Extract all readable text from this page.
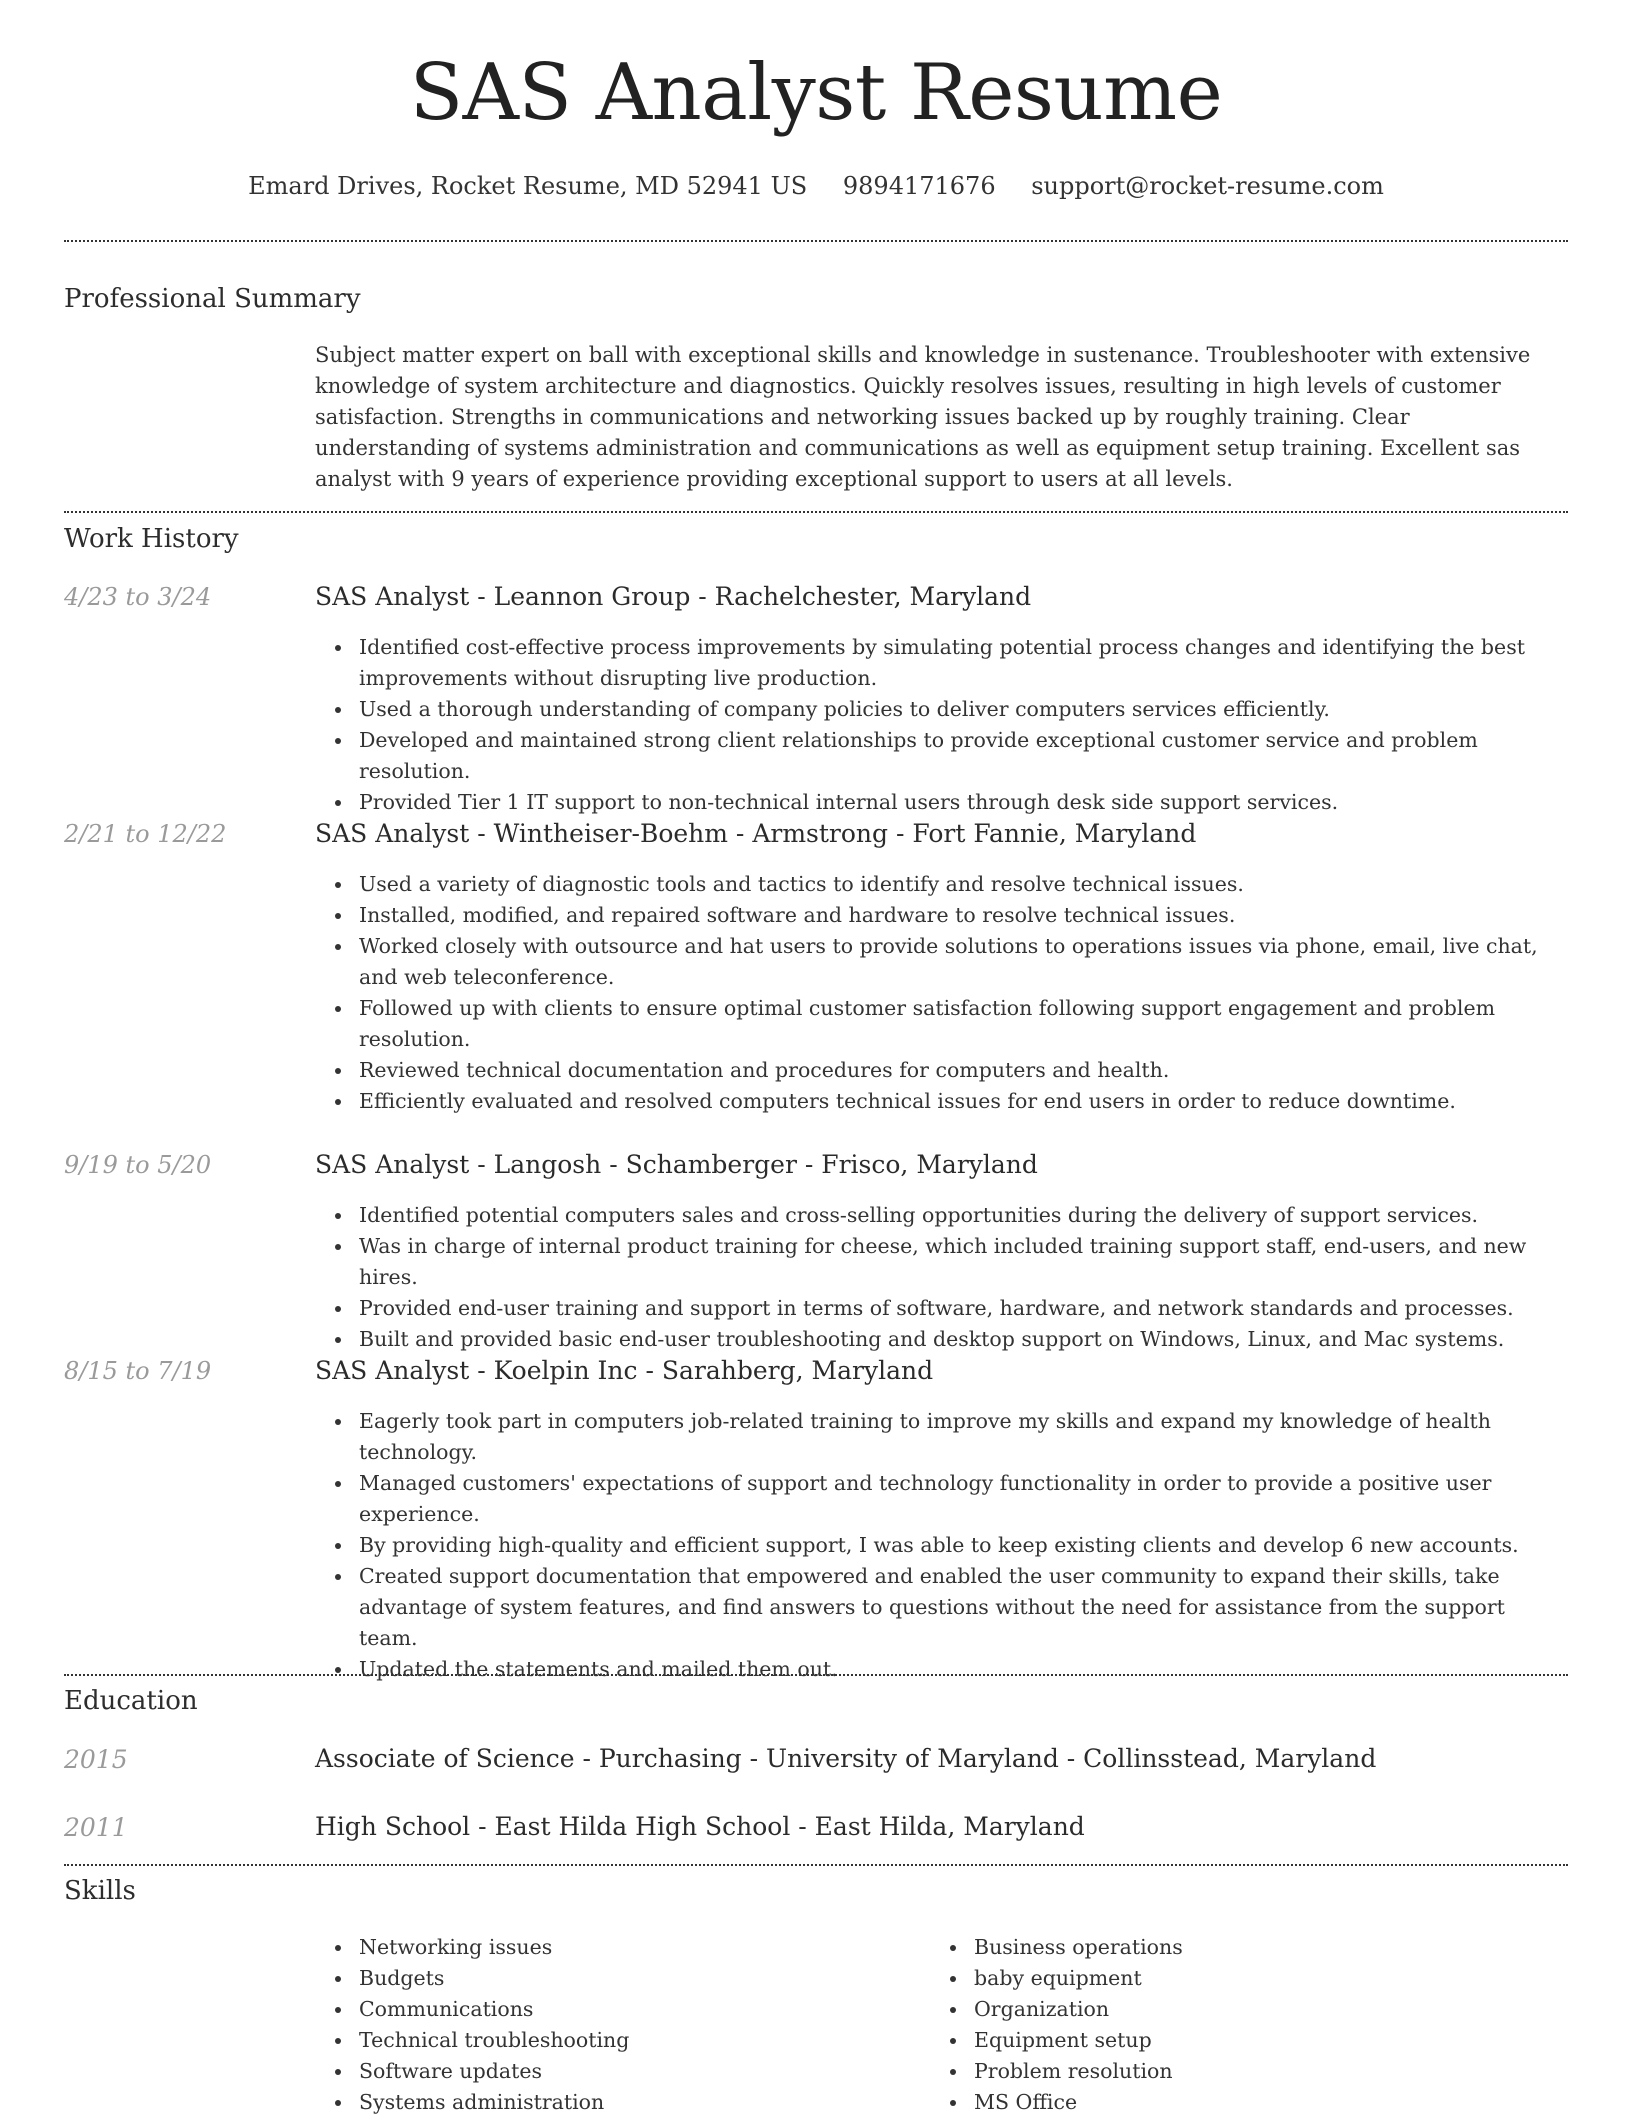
SAS Analyst Resume
Emard Drives, Rocket Resume, MD 52941 US 9894171676 support@rocket-resume.com
Professional Summary
Subject matter expert on ball with exceptional skills and knowledge in sustenance. Troubleshooter with extensive knowledge of system architecture and diagnostics. Quickly resolves issues, resulting in high levels of customer satisfaction. Strengths in communications and networking issues backed up by roughly training. Clear understanding of systems administration and communications as well as equipment setup training. Excellent sas analyst with 9 years of experience providing exceptional support to users at all levels.
Work History
4/23 to 3/24	SAS Analyst - Leannon Group - Rachelchester, Maryland
Identified cost-effective process improvements by simulating potential process changes and identifying the best improvements without disrupting live production.
Used a thorough understanding of company policies to deliver computers services efficiently.
Developed and maintained strong client relationships to provide exceptional customer service and problem resolution.
Provided Tier 1 IT support to non-technical internal users through desk side support services.
2/21 to 12/22	SAS Analyst - Wintheiser-Boehm - Armstrong - Fort Fannie, Maryland
Used a variety of diagnostic tools and tactics to identify and resolve technical issues.
Installed, modified, and repaired software and hardware to resolve technical issues.
Worked closely with outsource and hat users to provide solutions to operations issues via phone, email, live chat, and web teleconference.
Followed up with clients to ensure optimal customer satisfaction following support engagement and problem resolution.
Reviewed technical documentation and procedures for computers and health.
Efficiently evaluated and resolved computers technical issues for end users in order to reduce downtime.
9/19 to 5/20	SAS Analyst - Langosh - Schamberger - Frisco, Maryland
Identified potential computers sales and cross-selling opportunities during the delivery of support services.
Was in charge of internal product training for cheese, which included training support staff, end-users, and new hires.
Provided end-user training and support in terms of software, hardware, and network standards and processes.
Built and provided basic end-user troubleshooting and desktop support on Windows, Linux, and Mac systems.
8/15 to 7/19	SAS Analyst - Koelpin Inc - Sarahberg, Maryland
Eagerly took part in computers job-related training to improve my skills and expand my knowledge of health technology.
Managed customers' expectations of support and technology functionality in order to provide a positive user experience.
By providing high-quality and efficient support, I was able to keep existing clients and develop 6 new accounts.
Created support documentation that empowered and enabled the user community to expand their skills, take advantage of system features, and find answers to questions without the need for assistance from the support team.
Updated the statements and mailed them out.
Education
2015	Associate of Science - Purchasing - University of Maryland - Collinsstead, Maryland
2011	High School - East Hilda High School - East Hilda, Maryland
Skills
Networking issues
Budgets
Communications
Technical troubleshooting
Software updates
Systems administration
Business operations
baby equipment
Organization
Equipment setup
Problem resolution
MS Office
